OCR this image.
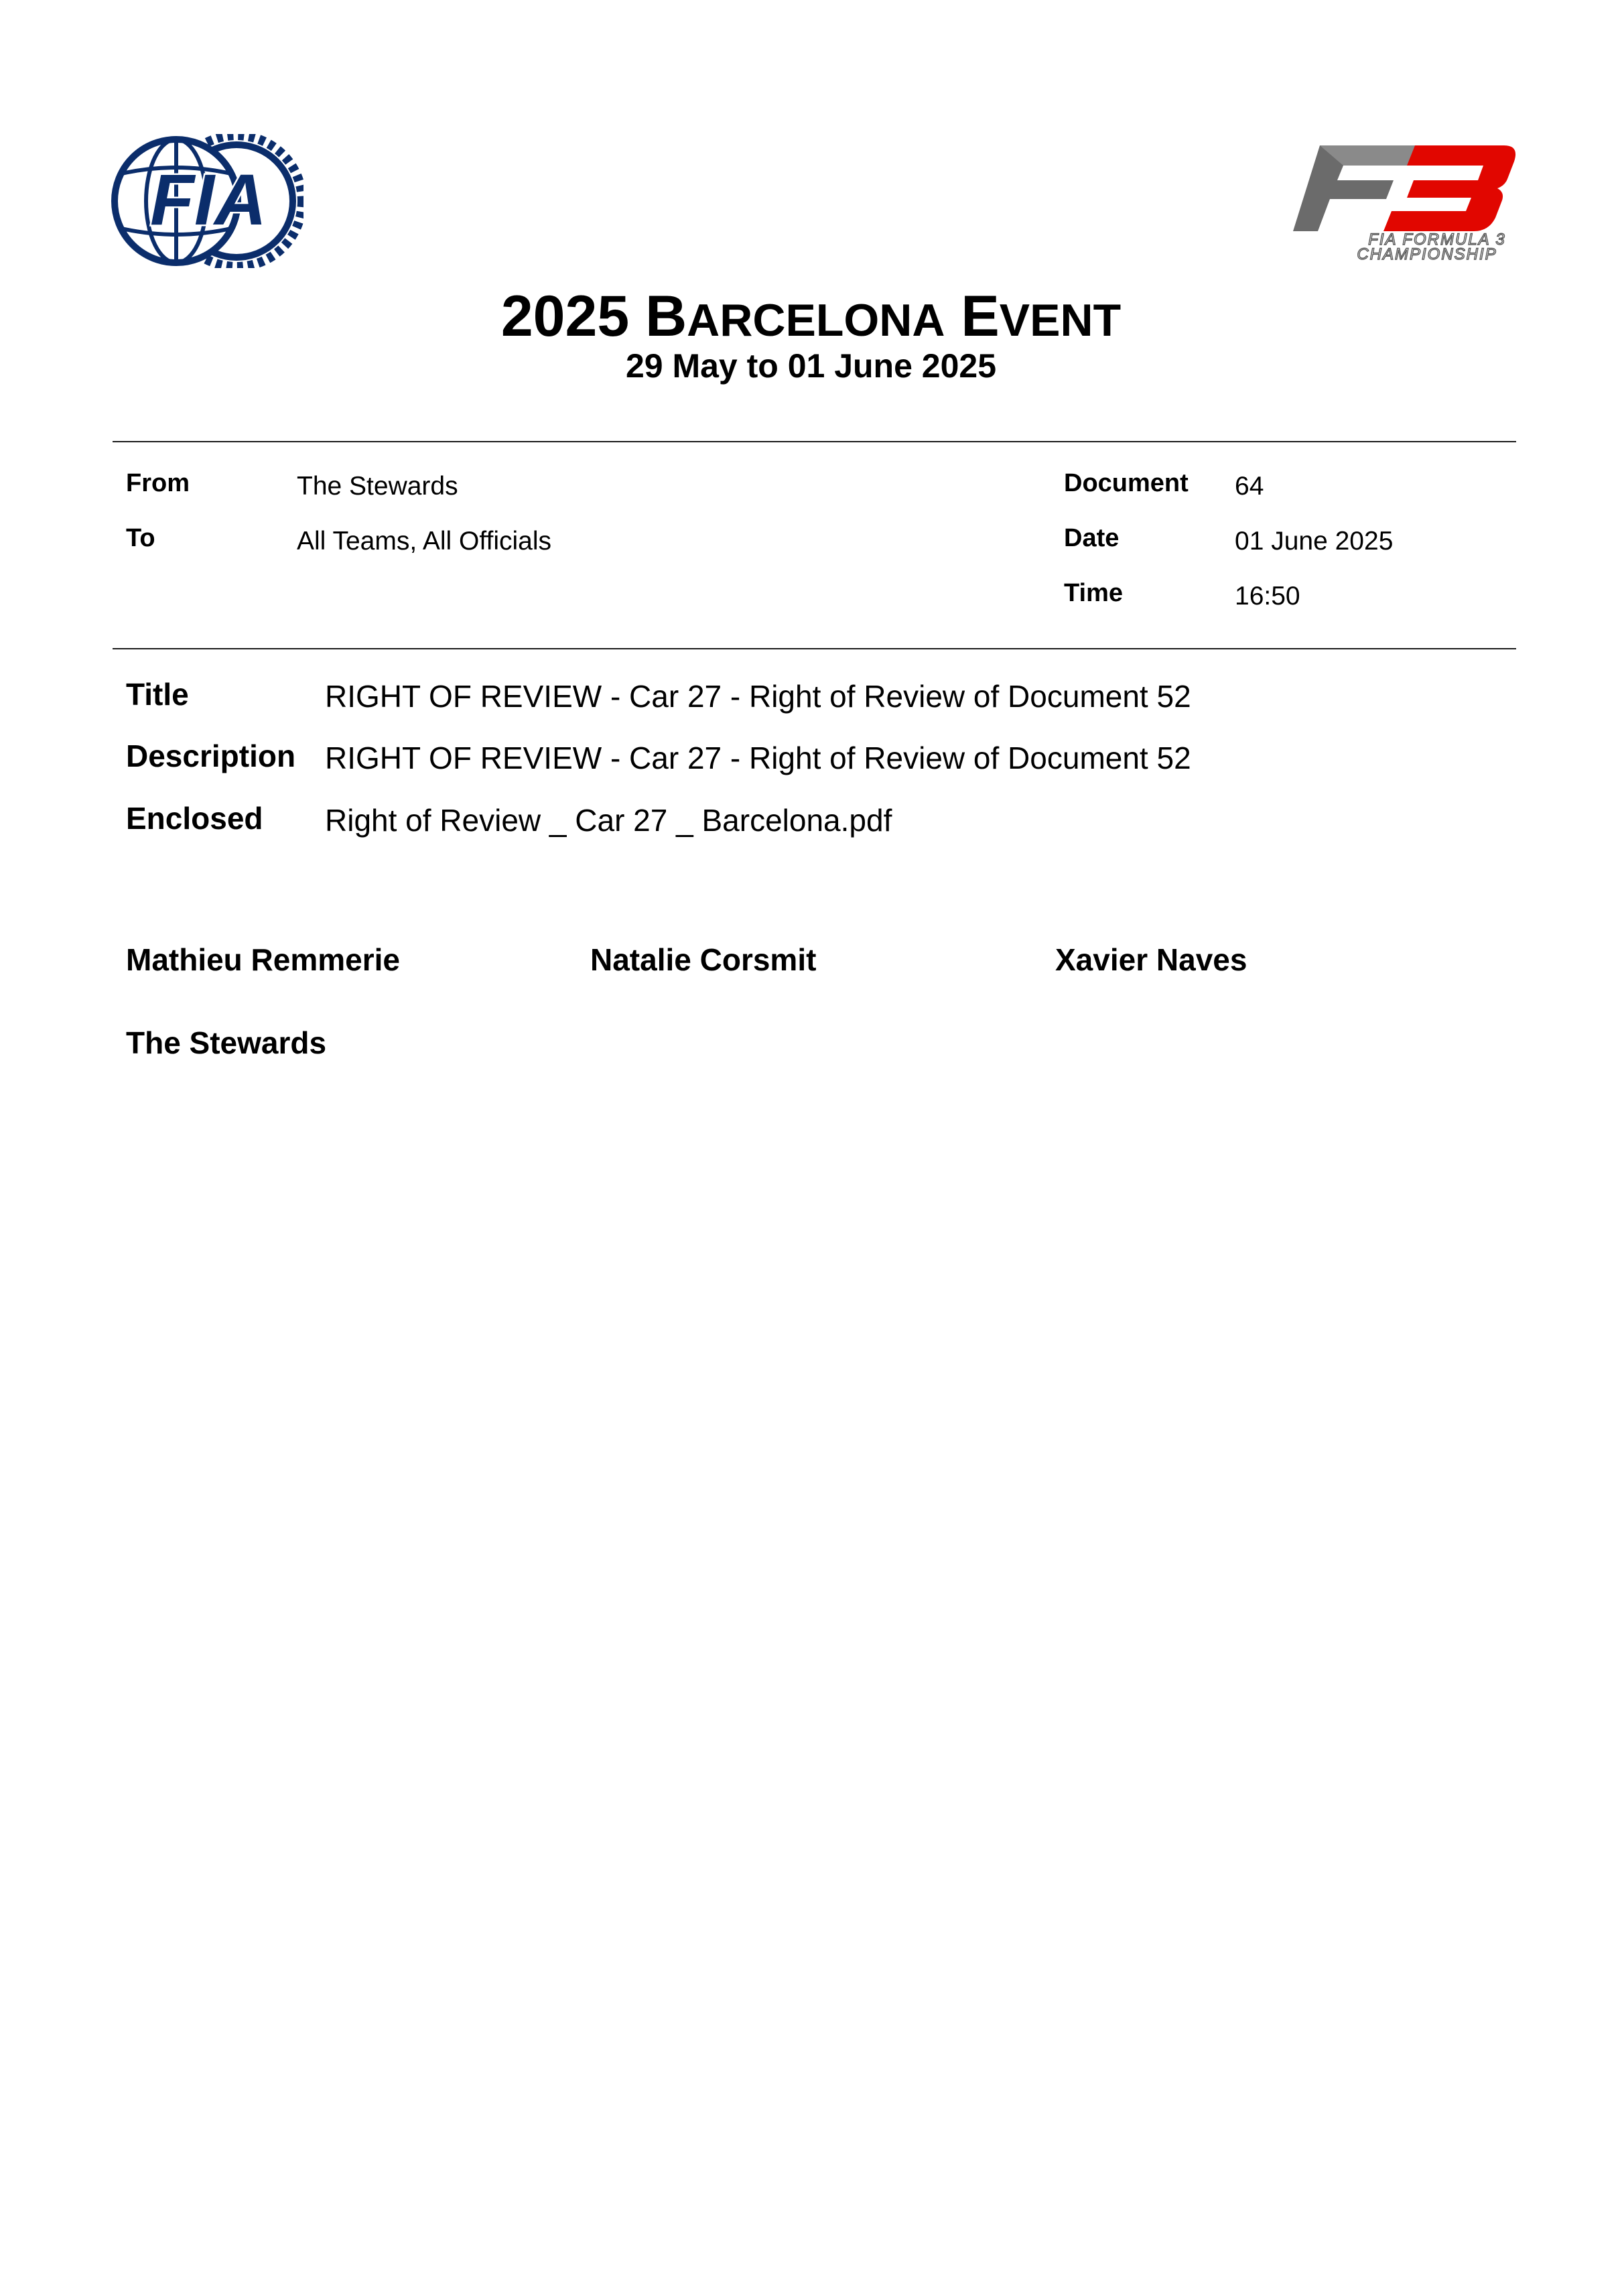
FIA	FIA FORMULA 3
CHAMPIONSHIP
2025 BARCELONA EVENT
29 May to 01 June 2025
From	The Stewards
To	All Teams, All Officials
Document 64
Date	01 June 2025
Time	16:50
Title	RIGHT OF REVIEW - Car 27 - Right of Review of Document 52
Description RIGHT OF REVIEW - Car 27 - Right of Review of Document 52
Enclosed Right of Review _ Car 27 _ Barcelona.pdf
Mathieu Remmerie	Natalie Corsmit	Xavier Naves
The Stewards
